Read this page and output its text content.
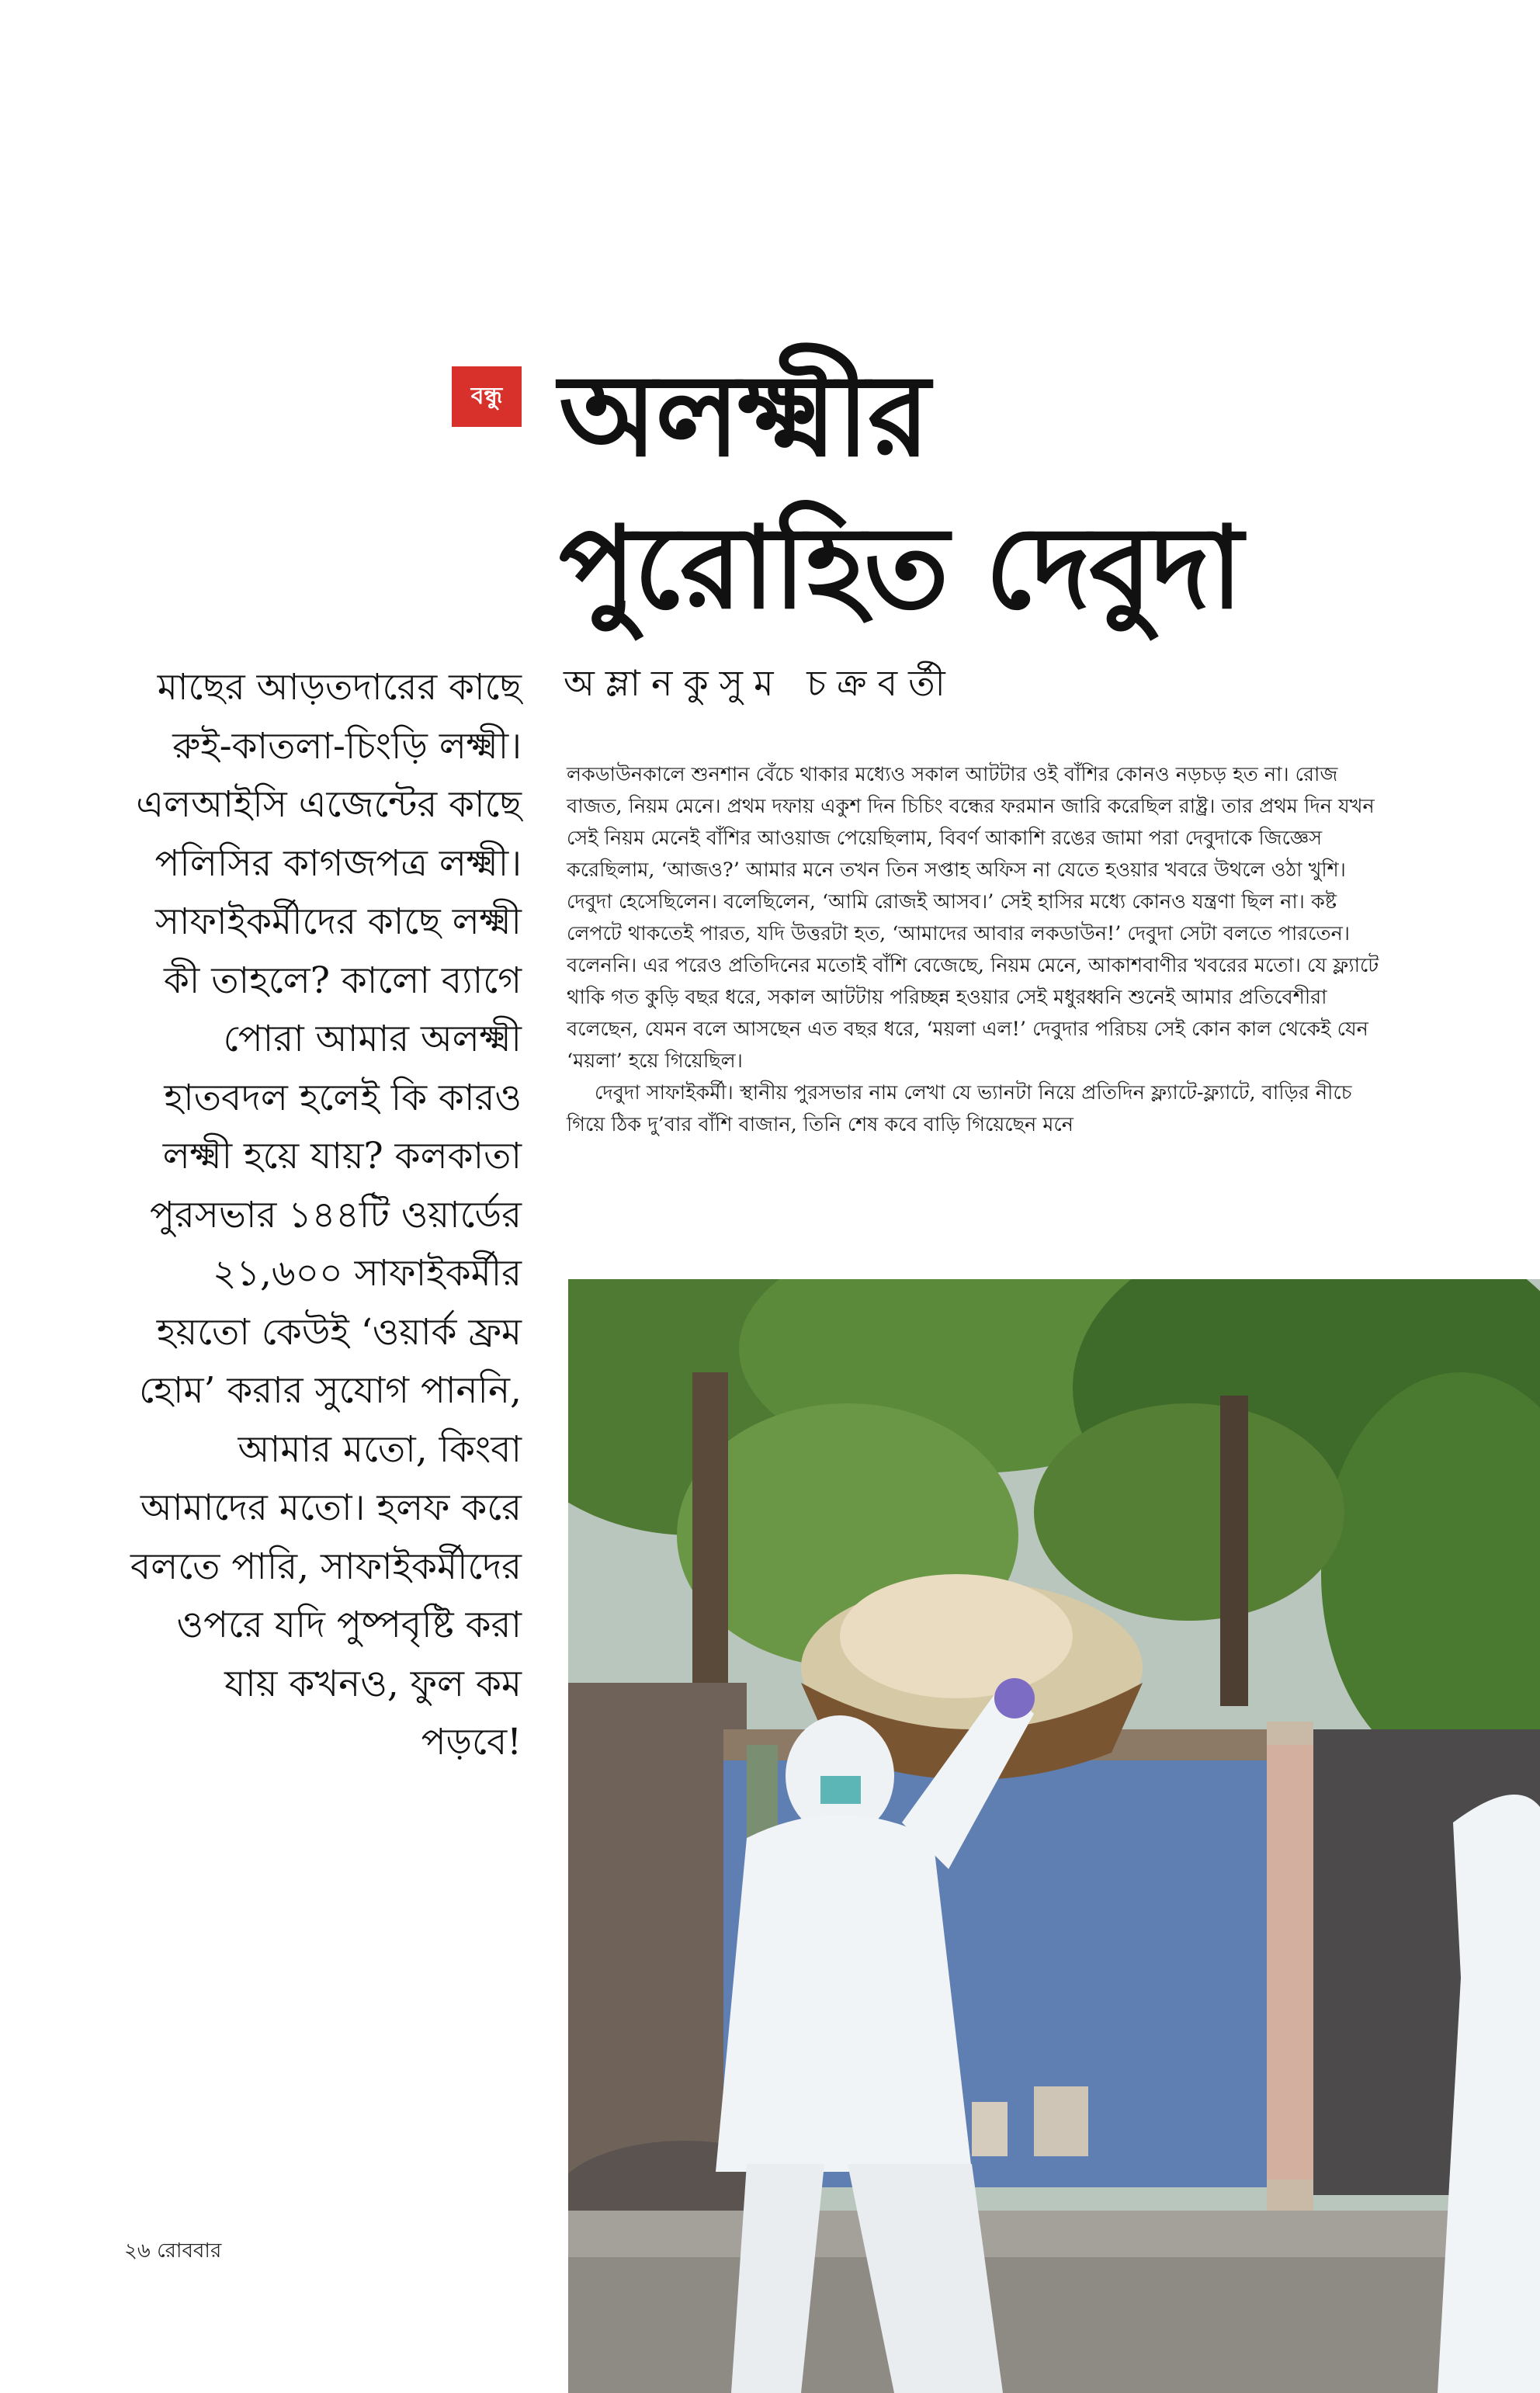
বন্ধু অলক্ষ্মীর
পুরোহিত দেবুদা
অম্লানকুসুম চক্রবর্তী
মাছের আড়তদারের কাছে রুই-কাতলা-চিংড়ি লক্ষ্মী। এলআইসি এজেন্টের কাছে পলিসির কাগজপত্র লক্ষ্মী। সাফাইকর্মীদের কাছে লক্ষ্মী কী তাহলে? কালো ব্যাগে পোরা আমার অলক্ষ্মী হাতবদল হলেই কি কারও লক্ষ্মী হয়ে যায়? কলকাতা পুরসভার ১৪৪টি ওয়ার্ডের ২১,৬০০ সাফাইকর্মীর হয়তো কেউই ‘ওয়ার্ক ফ্রম হোম’ করার সুযোগ পাননি, আমার মতো, কিংবা আমাদের মতো। হলফ করে বলতে পারি, সাফাইকর্মীদের ওপরে যদি পুষ্পবৃষ্টি করা যায় কখনও, ফুল কম পড়বে!

লকডাউনকালে শুনশান বেঁচে থাকার মধ্যেও সকাল আটটার ওই বাঁশির কোনও নড়চড় হত না। রোজ বাজত, নিয়ম মেনে। প্রথম দফায় একুশ দিন চিচিং বন্ধের ফরমান জারি করেছিল রাষ্ট্র। তার প্রথম দিন যখন সেই নিয়ম মেনেই বাঁশির আওয়াজ পেয়েছিলাম, বিবর্ণ আকাশি রঙের জামা পরা দেবুদাকে জিজ্ঞেস করেছিলাম, ‘আজও?’ আমার মনে তখন তিন সপ্তাহ অফিস না যেতে হওয়ার খবরে উথলে ওঠা খুশি। দেবুদা হেসেছিলেন। বলেছিলেন, ‘আমি রোজই আসব।’ সেই হাসির মধ্যে কোনও যন্ত্রণা ছিল না। কষ্ট লেপটে থাকতেই পারত, যদি উত্তরটা হত, ‘আমাদের আবার লকডাউন!’ দেবুদা সেটা বলতে পারতেন। বলেননি। এর পরেও প্রতিদিনের মতোই বাঁশি বেজেছে, নিয়ম মেনে, আকাশবাণীর খবরের মতো। যে ফ্ল্যাটে থাকি গত কুড়ি বছর ধরে, সকাল আটটায় পরিচ্ছন্ন হওয়ার সেই মধুরধ্বনি শুনেই আমার প্রতিবেশীরা বলেছেন, যেমন বলে আসছেন এত বছর ধরে, ‘ময়লা এল!’ দেবুদার পরিচয় সেই কোন কাল থেকেই যেন ‘ময়লা’ হয়ে গিয়েছিল।

দেবুদা সাফাইকর্মী। স্থানীয় পুরসভার নাম লেখা যে ভ্যানটা নিয়ে প্রতিদিন ফ্ল্যাটে-ফ্ল্যাটে, বাড়ির নীচে গিয়ে ঠিক দু’বার বাঁশি বাজান, তিনি শেষ কবে বাড়ি গিয়েছেন মনে

২৬ রোববার
